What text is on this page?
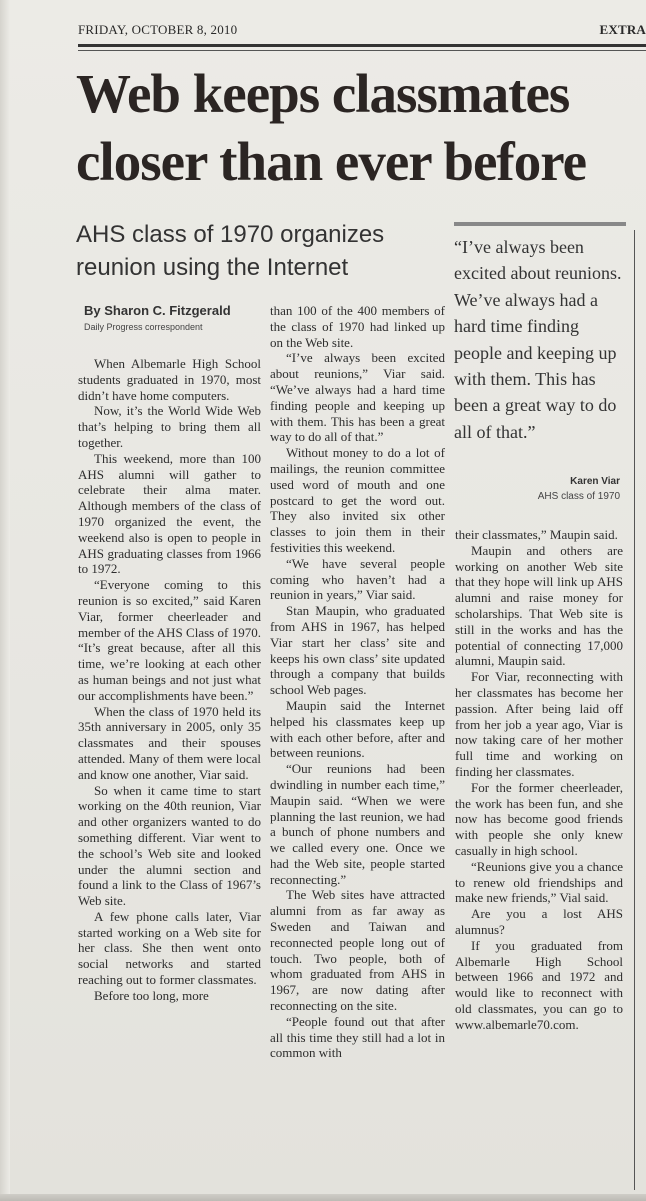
FRIDAY, OCTOBER 8, 2010	EXTRA
Web keeps classmates
closer than ever before
AHS class of 1970 organizes reunion using the Internet
By Sharon C. Fitzgerald
Daily Progress correspondent

When Albemarle High School students graduated in 1970, most didn’t have home computers.

Now, it’s the World Wide Web that’s helping to bring them all together.

This weekend, more than 100 AHS alumni will gather to celebrate their alma mater. Although members of the class of 1970 organized the event, the weekend also is open to people in AHS graduating classes from 1966 to 1972.

“Everyone coming to this reunion is so excited,” said Karen Viar, former cheerleader and member of the AHS Class of 1970. “It’s great because, after all this time, we’re looking at each other as human beings and not just what our accomplishments have been.”

When the class of 1970 held its 35th anniversary in 2005, only 35 classmates and their spouses attended. Many of them were local and know one another, Viar said.

So when it came time to start working on the 40th reunion, Viar and other organizers wanted to do something different. Viar went to the school’s Web site and looked under the alumni section and found a link to the Class of 1967’s Web site.

A few phone calls later, Viar started working on a Web site for her class. She then went onto social networks and started reaching out to former classmates.

Before too long, more

than 100 of the 400 members of the class of 1970 had linked up on the Web site.

“I’ve always been excited about reunions,” Viar said. “We’ve always had a hard time finding people and keeping up with them. This has been a great way to do all of that.”

Without money to do a lot of mailings, the reunion committee used word of mouth and one postcard to get the word out. They also invited six other classes to join them in their festivities this weekend.

“We have several people coming who haven’t had a reunion in years,” Viar said.

Stan Maupin, who graduated from AHS in 1967, has helped Viar start her class’ site and keeps his own class’ site updated through a company that builds school Web pages.

Maupin said the Internet helped his classmates keep up with each other before, after and between reunions.

“Our reunions had been dwindling in number each time,” Maupin said. “When we were planning the last reunion, we had a bunch of phone numbers and we called every one. Once we had the Web site, people started reconnecting.”

The Web sites have attracted alumni from as far away as Sweden and Taiwan and reconnected people long out of touch. Two people, both of whom graduated from AHS in 1967, are now dating after reconnecting on the site.

“People found out that after all this time they still had a lot in common with

“I’ve always been excited about reunions. We’ve always had a hard time finding people and keeping up with them. This has been a great way to do all of that.”
Karen Viar
AHS class of 1970

their classmates,” Maupin said.

Maupin and others are working on another Web site that they hope will link up AHS alumni and raise money for scholarships. That Web site is still in the works and has the potential of connecting 17,000 alumni, Maupin said.

For Viar, reconnecting with her classmates has become her passion. After being laid off from her job a year ago, Viar is now taking care of her mother full time and working on finding her classmates.

For the former cheerleader, the work has been fun, and she now has become good friends with people she only knew casually in high school.

“Reunions give you a chance to renew old friendships and make new friends,” Vial said.

Are you a lost AHS alumnus?

If you graduated from Albemarle High School between 1966 and 1972 and would like to reconnect with old classmates, you can go to www.albemarle70.com.
